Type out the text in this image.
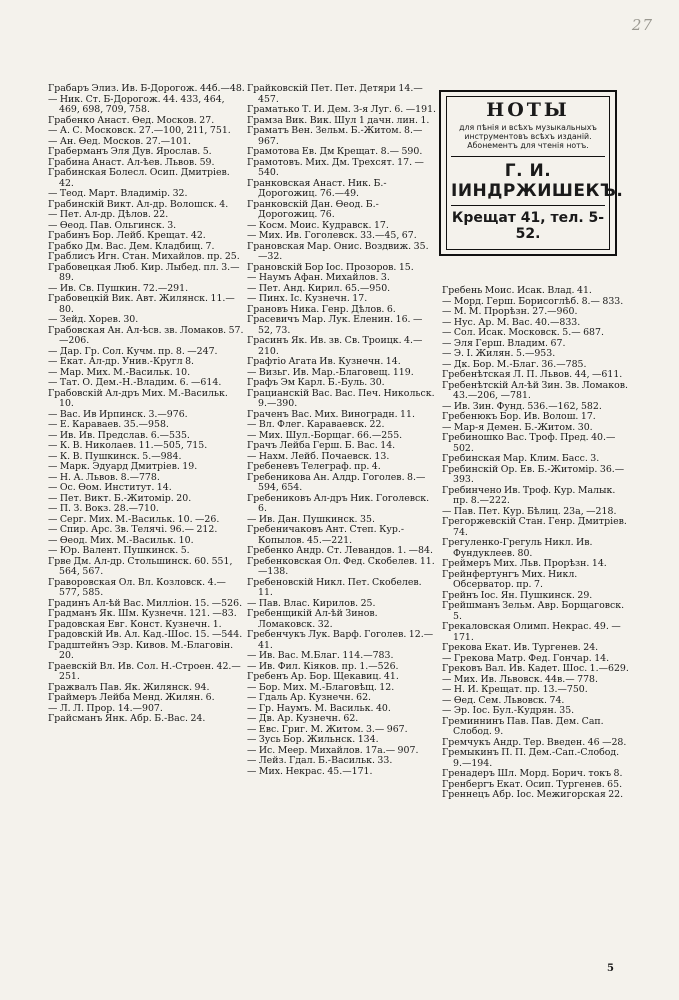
27

Грабаръ Элиз. Ив. Б-Дорогож. 44б.—48.

— Ник. Ст. Б-Дорогож. 44. 433, 464, 469, 698, 709, 758.

Грабенко Анаст. Ѳед. Москов. 27.

— А. С. Московск. 27.—100, 211, 751.

— Ан. Ѳед. Москов. 27.—101.

Граберманъ Эля Дув. Ярослав. 5.

Грабина Анаст. Ал-ѣев. Львов. 59.

Грабинская Болесл. Осип. Дмитріев. 42.

— Теод. Март. Владимір. 32.

Грабинскій Викт. Ал-др. Волошск. 4.

— Пет. Ал-др. Дѣлов. 22.

— Ѳеод. Пав. Ольгинск. 3.

Грабинъ Бор. Лейб. Крещат. 42.

Грабко Дм. Вас. Дем. Кладбищ. 7.

Граблисъ Игн. Стан. Михайлов. пр. 25.

Грабовецкая Люб. Кир. Лыбед. пл. 3.—89.

— Ив. Св. Пушкин. 72.—291.

Грабовецкій Вик. Авт. Жилянск. 11.—80.

— Зейд. Хорев. 30.

Грабовская Ан. Ал-ѣсв. зв. Ломаков. 57.—206.

— Дар. Гр. Сол. Кучм. пр. 8. —247.

— Екат. Ал-др. Унив.-Кругл 8.

— Мар. Мих. М.-Васильк. 10.

— Тат. О. Дем.-Н.-Владим. 6. —614.

Грабовскій Ал-дръ Мих. М.-Васильк. 10.

— Вас. Ив Ирпинск. 3.—976.

— Е. Караваев. 35.—958.

— Ив. Ив. Предслав. 6.—535.

— К. В. Николаев. 11.—505, 715.

— К. В. Пушкинск. 5.—984.

— Марк. Эдуард Дмитріев. 19.

— Н. А. Львов. 8.—778.

— Ос. Ѳом. Институт. 14.

— Пет. Викт. Б.-Житомір. 20.

— П. З. Вокз. 28.—710.

— Серг. Мих. М.-Васильк. 10. —26.

— Спир. Арс. Зв. Телячі. 96.— 212.

— Ѳеод. Мих. М.-Васильк. 10.

— Юр. Валент. Пушкинск. 5.

Грве Дм. Ал-др. Стольшинск. 60. 551, 564, 567.

Граворовская Ол. Вл. Козловск. 4.—577, 585.

Градинъ Ал-ѣй Вас. Милліон. 15. —526.

Градманъ Як. Шм. Кузнечн. 121. —83.

Градовская Евг. Конст. Кузнечн. 1.

Градовскій Ив. Ал. Кад.-Шос. 15. —544.

Градштейнъ Эзр. Кивов. М.-Благовін. 20.

Граевскій Вл. Ив. Сол. Н.-Строен. 42.—251.

Гражвалъ Пав. Як. Жилянск. 94.

Граймеръ Лейба Менд. Жилян. 6.

— Л. Л. Прор. 14.—907.

Грайсманъ Янк. Абр. Б.-Вас. 24.

Грайковскій Пет. Пет. Детяри 14.—457.

Граматько Т. И. Дем. З-я Луг. 6. —191.

Грамза Вик. Вик. Шул 1 дачн. лин. 1.

Граматъ Вен. Зельм. Б.-Житом. 8.—967.

Грамотова Ев. Дм Крещат. 8.— 590.

Грамотовъ. Мих. Дм. Трехсят. 17. —540.

Гранковская Анаст. Ник. Б.-Дорогожиц. 76.—49.

Гранковскій Дан. Ѳеод. Б.-Дорогожиц. 76.

— Косм. Моис. Кудравск. 17.

— Мих. Ив. Гоголевск. 33.—45, 67.

Грановская Мар. Онис. Воздвиж. 35.—32.

Грановскій Бор Іос. Прозоров. 15.

— Наумъ Афан. Михайлов. 3.

— Пет. Анд. Кирил. 65.—950.

— Пинх. Іс. Кузнечн. 17.

Грановъ Ника. Генр. Дѣлов. 6.

Грасевичъ Мар. Лук. Еленин. 16. —52, 73.

Грасинъ Як. Ив. зв. Св. Троицк. 4.—210.

Графтіо Агата Ив. Кузнечн. 14.

— Визьг. Ив. Мар.-Благовещ. 119.

Графъ Эм Карл. Б.-Буль. 30.

Грацианскій Вас. Вас. Печ. Никольск. 9.—390.

Граченъ Вас. Мих. Виноградн. 11.

— Вл. Флег. Караваевск. 22.

— Мих. Шул.-Борщаг. 66.—255.

Грачъ Лейба Герш. Б. Вас. 14.

— Нахм. Лейб. Почаевск. 13.

Гребеневъ Телеграф. пр. 4.

Гребеникова Ан. Алдр. Гоголев. 8.—594, 654.

Гребениковъ Ал-дръ Ник. Гоголевск. 6.

— Ив. Дан. Пушкинск. 35.

Гребеничаковъ Ант. Степ. Кур.-Копылов. 45.—221.

Гребенко Андр. Ст. Левандов. 1. —84.

Гребенковская Ол. Фед. Скобелев. 11.—138.

Гребеновскій Никл. Пет. Скобелев. 11.

— Пав. Влас. Кирилов. 25.

Гребенщикій Ал-ѣй Зинов. Ломаковск. 32.

Гребенчукъ Лук. Варф. Гоголев. 12.—41.

— Ив. Вас. М.Благ. 114.—783.

— Ив. Фил. Кіяков. пр. 1.—526.

Гребенъ Ар. Бор. Щекавиц. 41.

— Бор. Мих. М.-Благовѣщ. 12.

— Гдаль Ар. Кузнечн. 62.

— Гр. Наумъ. М. Васильк. 40.

— Дв. Ар. Кузнечн. 62.

— Евс. Григ. М. Житом. 3.— 967.

— Зусь Бор. Жильнск. 134.

— Ис. Меер. Михайлов. 17а.— 907.

— Лейз. Гдал. Б.-Васильк. 33.

— Мих. Некрас. 45.—171.

НОТЫ
для пѣнія и всѣхъ музыкальныхъ инструментовъ всѣхъ изданій. Абонементъ для чтенія нотъ.
Г. И. ІИНДРЖИШЕКЪ.
Крещат 41, тел. 5-52.

Гребень Моис. Исак. Влад. 41.

— Морд. Герш. Борисоглѣб. 8.— 833.

— М. М. Прорѣзн. 27.—960.

— Нус. Ар. М. Вас. 40.—833.

— Сол. Исак. Московск. 5.— 687.

— Эля Герш. Владим. 67.

— Э. І. Жилян. 5.—953.

— Дк. Бор. М.-Благ. 36.—785.

Гребенѣтская Л. П. Львов. 44, —611.

Гребенѣтскій Ал-ѣй Зин. Зв. Ломаков. 43.—206, —781.

— Ив. Зин. Фунд. 536.—162, 582.

Гребенюкъ Бор. Ив. Волош. 17.

— Мар-я Демен. Б.-Житом. 30.

Гребиношко Вас. Троф. Пред. 40.—502.

Гребинская Мар. Клим. Басс. 3.

Гребинскій Ор. Ев. Б.-Житомір. 36.—393.

Гребинчено Ив. Троф. Кур. Малык. пр. 8.—222.

— Пав. Пет. Кур. Бѣлиц. 23а, —218.

Грегоржевскій Стан. Генр. Дмитріев. 74.

Грегуленко-Грегуль Никл. Ив. Фундуклеев. 80.

Греймеръ Мих. Льв. Прорѣзн. 14.

Грейнфертунгъ Мих. Никл. Обсерватор. пр. 7.

Грейнъ Іос. Ян. Пушкинск. 29.

Грейшманъ Зельм. Авр. Борщаговск. 5.

Грекаловская Олимп. Некрас. 49. —171.

Грекова Екат. Ив. Тургенев. 24.

— Грекова Матр. Фед. Гончар. 14.

Грековъ Вал. Ив. Кадет. Шос. 1.—629.

— Мих. Ив. Львовск. 44в.— 778.

— Н. И. Крещат. пр. 13.—750.

— Ѳед. Сем. Львовск. 74.

— Эр. Іос. Бул.-Кудрян. 35.

Греминнинъ Пав. Пав. Дем. Сап. Слобод. 9.

Гремчукъ Андр. Тер. Введен. 46 —28.

Гремыкинъ П. П. Дем.-Сап.-Слобод. 9.—194.

Гренадеръ Шл. Морд. Борич. токъ 8.

Гренбергъ Екат. Осип. Тургенев. 65.

Греннецъ Абр. Іос. Межигорская 22.

5
